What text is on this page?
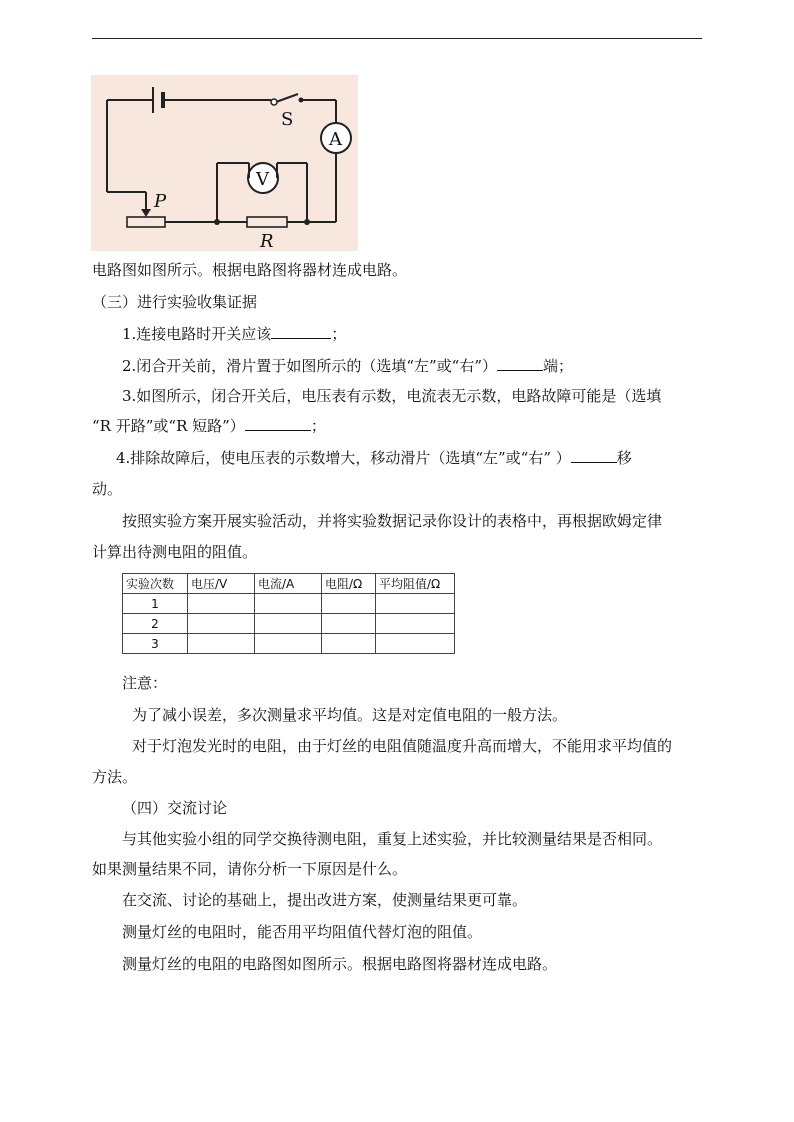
S
A
V
P
R
电路图如图所示。根据电路图将器材连成电路。
（三）进行实验收集证据
1.连接电路时开关应该	；
2.闭合开关前，滑片置于如图所示的（选填“左”或“右”）	端；
3.如图所示，闭合开关后，电压表有示数，电流表无示数，电路故障可能是（选填
“R 开路”或“R 短路”）	；
4.排除故障后，使电压表的示数增大，移动滑片（选填“左”或“右” ）	移
动。
按照实验方案开展实验活动，并将实验数据记录你设计的表格中，再根据欧姆定律
计算出待测电阻的阻值。
实验次数	电压/V	电流/A	电阻/Ω	平均阻值/Ω
1				
2				
3				
注意：
为了减小误差，多次测量求平均值。这是对定值电阻的一般方法。
对于灯泡发光时的电阻，由于灯丝的电阻值随温度升高而增大，不能用求平均值的
方法。
（四）交流讨论
与其他实验小组的同学交换待测电阻，重复上述实验，并比较测量结果是否相同。
如果测量结果不同，请你分析一下原因是什么。
在交流、讨论的基础上，提出改进方案，使测量结果更可靠。
测量灯丝的电阻时，能否用平均阻值代替灯泡的阻值。
测量灯丝的电阻的电路图如图所示。根据电路图将器材连成电路。
